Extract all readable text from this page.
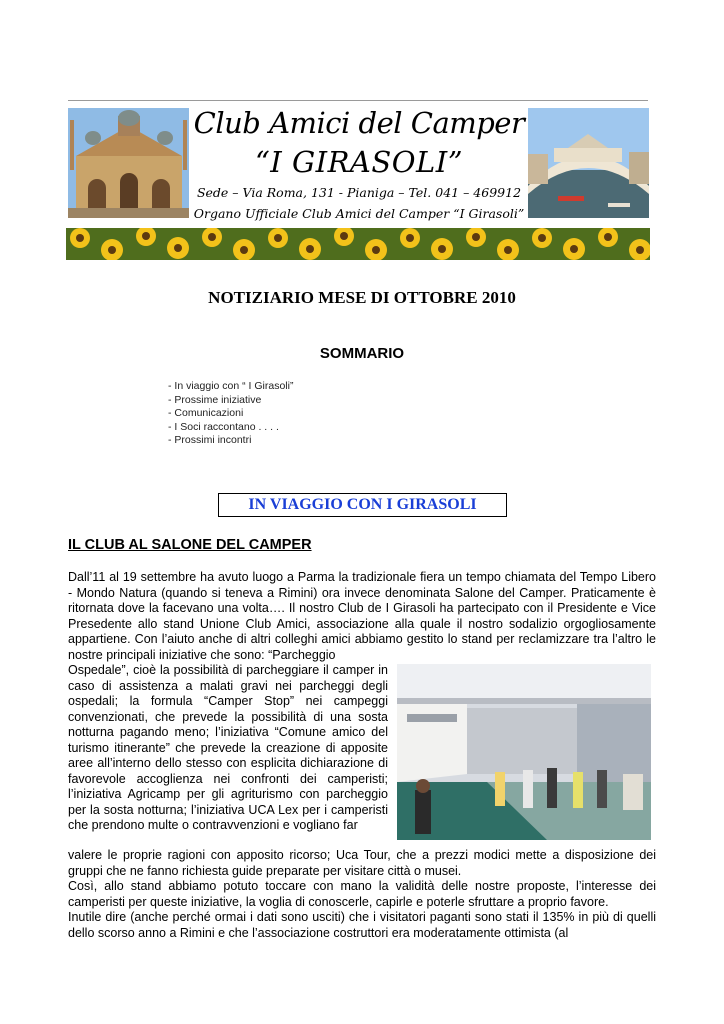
Club Amici del Camper
“I GIRASOLI”
Sede – Via Roma, 131 - Pianiga – Tel. 041 – 469912
Organo Ufficiale Club Amici del Camper “I Girasoli”
NOTIZIARIO MESE DI OTTOBRE 2010
SOMMARIO
- In viaggio con “ I Girasoli”
- Prossime iniziative
- Comunicazioni
- I Soci raccontano . . . .
- Prossimi incontri
IN VIAGGIO CON I GIRASOLI
IL CLUB AL SALONE DEL CAMPER

Dall’11 al 19 settembre ha avuto luogo a Parma la tradizionale fiera un tempo chiamata del Tempo Libero - Mondo Natura (quando si teneva a Rimini) ora invece denominata Salone del Camper. Praticamente è ritornata dove la facevano una volta…. Il nostro Club de I Girasoli ha partecipato con il Presidente e Vice Presedente allo stand Unione Club Amici, associazione alla quale il nostro sodalizio orgogliosamente appartiene. Con l’aiuto anche di altri colleghi amici abbiamo gestito lo stand per reclamizzare tra l’altro le nostre principali iniziative che sono: “Parcheggio

Ospedale”, cioè la possibilità di parcheggiare il camper in caso di assistenza a malati gravi nei parcheggi degli ospedali; la formula “Camper Stop” nei campeggi convenzionati, che prevede la possibilità di una sosta notturna pagando meno; l’iniziativa “Comune amico del turismo itinerante” che prevede la creazione di apposite aree all’interno dello stesso con esplicita dichiarazione di favorevole accoglienza nei confronti dei camperisti; l’iniziativa Agricamp per gli agriturismo con parcheggio per la sosta notturna; l’iniziativa UCA Lex per i camperisti che prendono multe o contravvenzioni e vogliano far

valere le proprie ragioni con apposito ricorso; Uca Tour, che a prezzi modici mette a disposizione dei gruppi che ne fanno richiesta guide preparate per visitare città o musei.

Così, allo stand abbiamo potuto toccare con mano la validità delle nostre proposte, l’interesse dei camperisti per queste iniziative, la voglia di conoscerle, capirle e poterle sfruttare a proprio favore.

Inutile dire (anche perché ormai i dati sono usciti) che i visitatori paganti sono stati il 135% in più di quelli dello scorso anno a Rimini e che l’associazione costruttori era moderatamente ottimista (al
